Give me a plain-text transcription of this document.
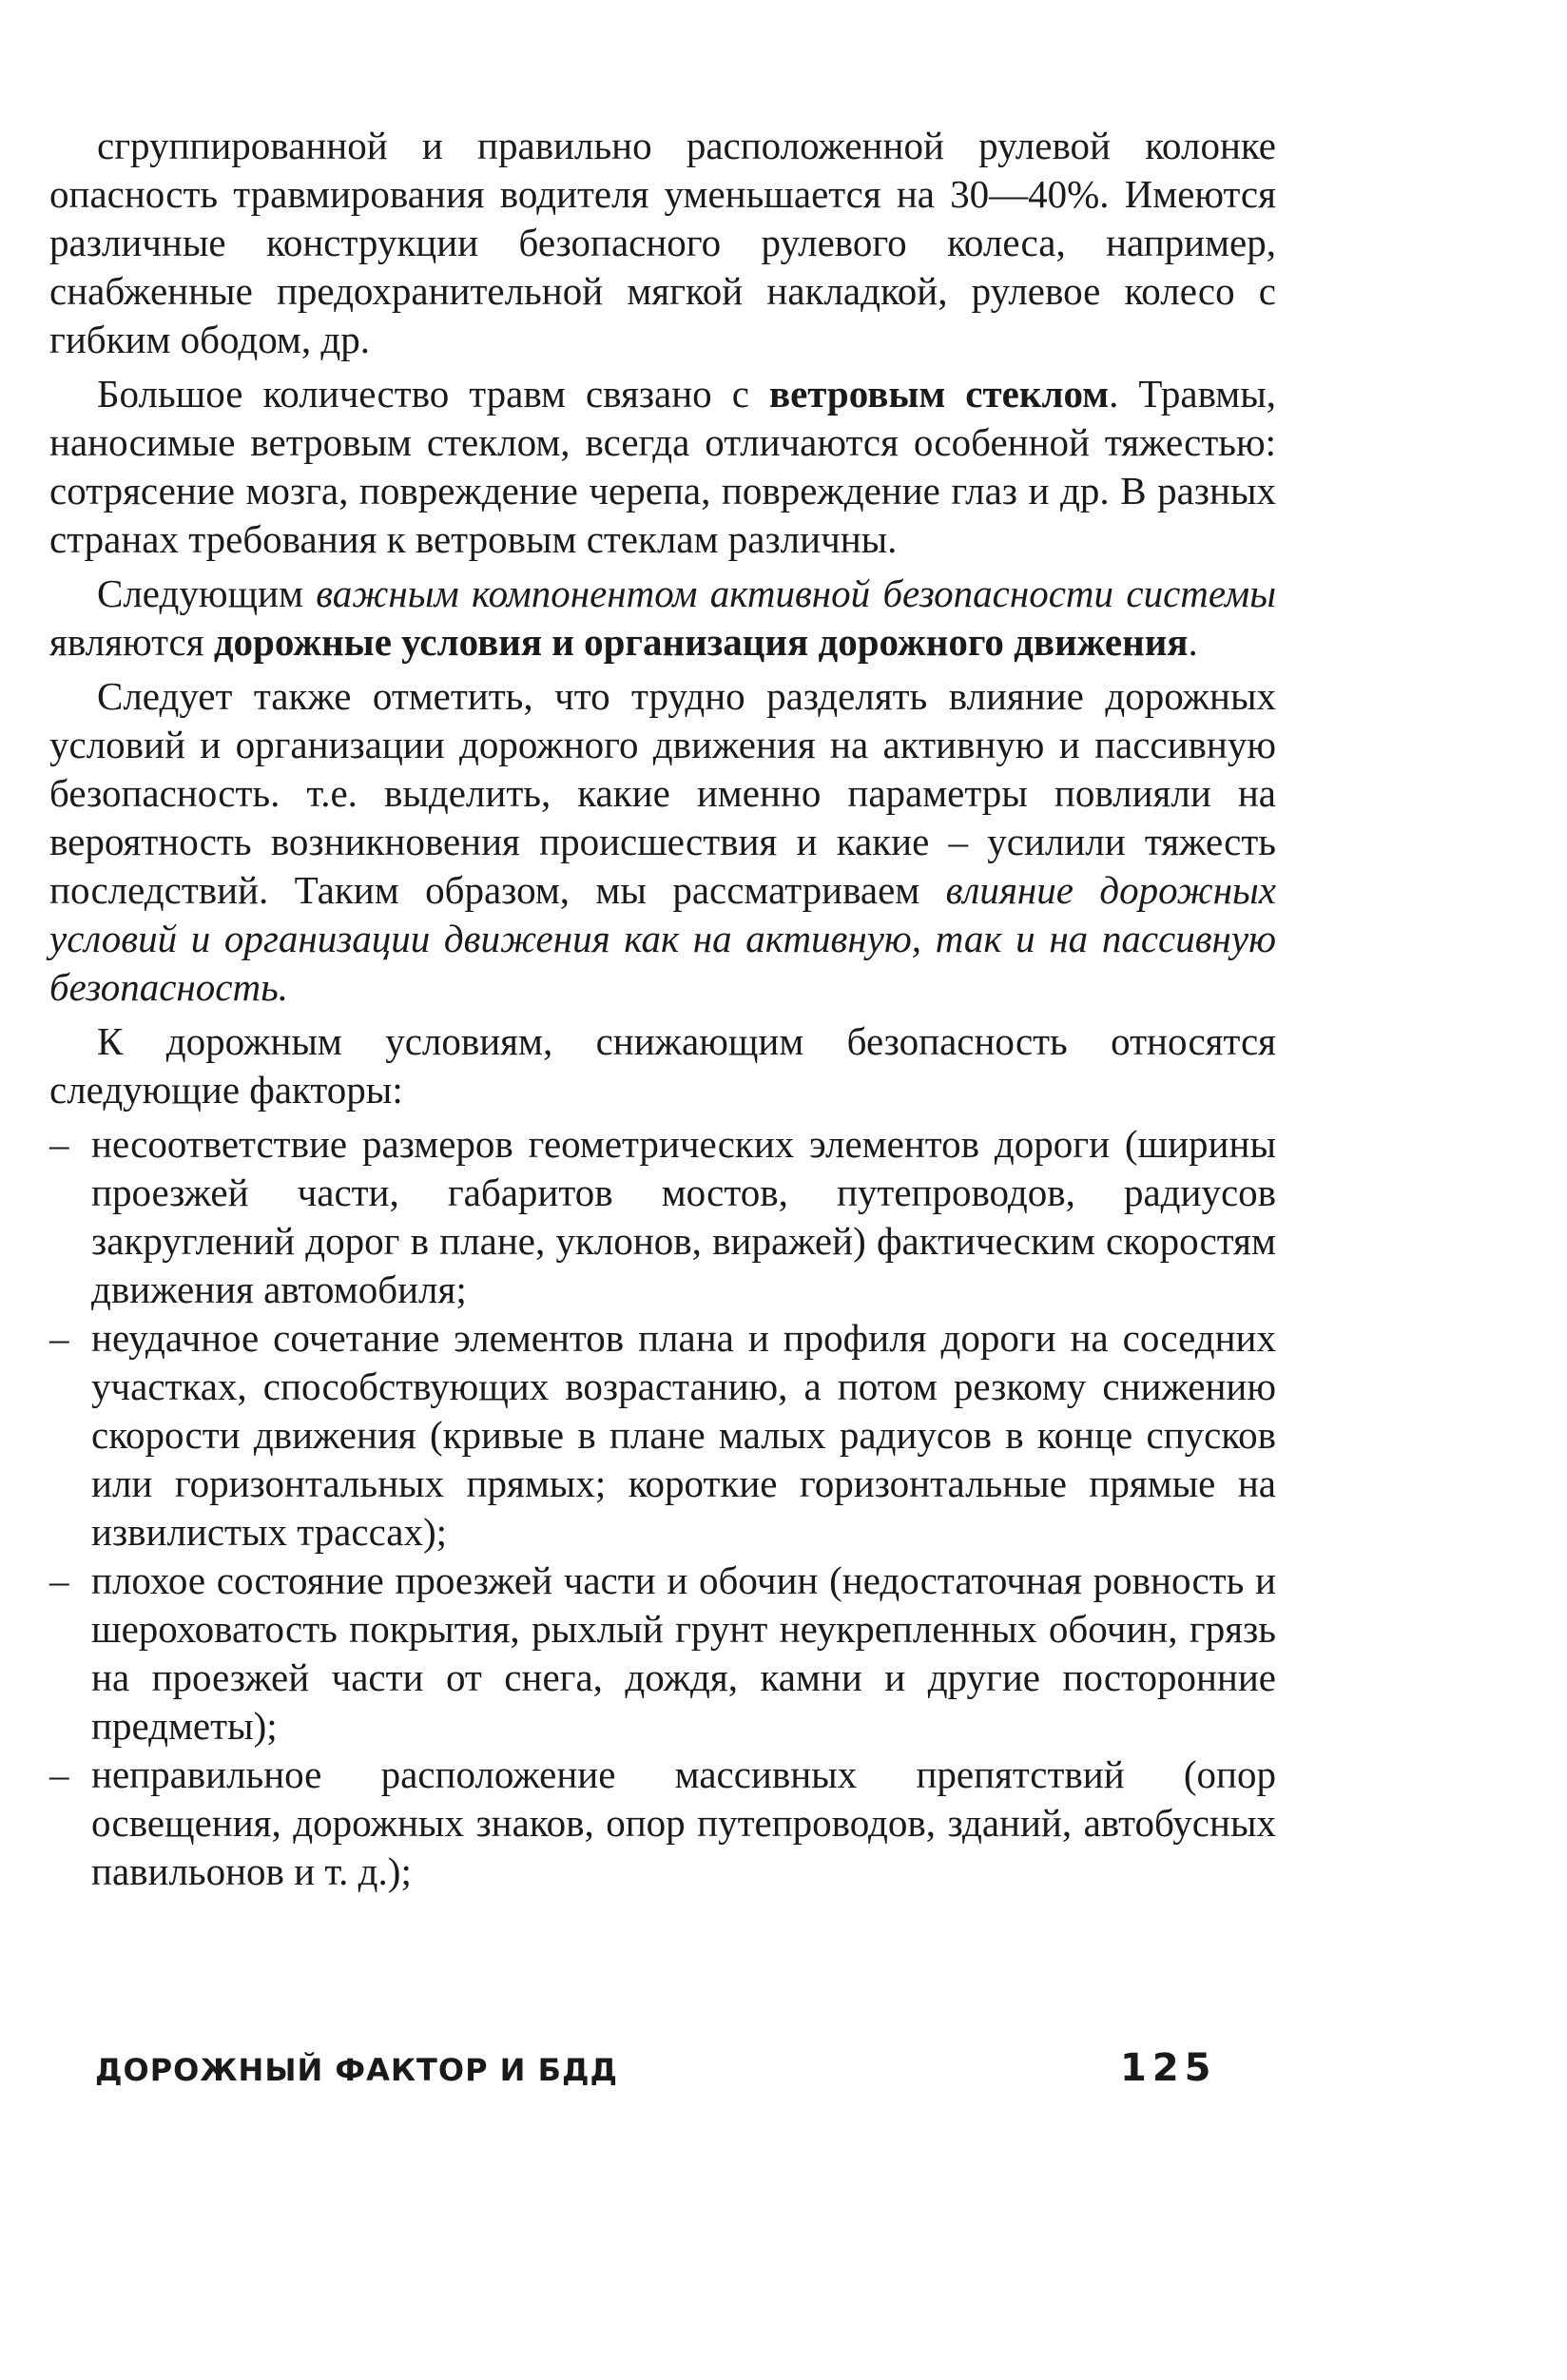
сгруппированной и правильно расположенной рулевой колонке опасность травмирования водителя уменьшается на 30—40%. Имеются различные конструкции безопасного рулевого колеса, например, снабженные предохранительной мягкой накладкой, рулевое колесо с гибким ободом, др.

Большое количество травм связано с ветровым стеклом. Травмы, наносимые ветровым стеклом, всегда отличаются особенной тяжестью: сотрясение мозга, повреждение черепа, повреждение глаз и др. В разных странах требования к ветровым стеклам различны.

Следующим важным компонентом активной безопасности системы являются дорожные условия и организация дорожного движения.

Следует также отметить, что трудно разделять влияние дорожных условий и организации дорожного движения на активную и пассивную безопасность. т.е. выделить, какие именно параметры повлияли на вероятность возникновения происшествия и какие – усилили тяжесть последствий. Таким образом, мы рассматриваем влияние дорожных условий и организации движения как на активную, так и на пассивную безопасность.

К дорожным условиям, снижающим безопасность относятся следующие факторы:

– несоответствие размеров геометрических элементов дороги (ширины проезжей части, габаритов мостов, путепроводов, радиусов закруглений дорог в плане, уклонов, виражей) фактическим скоростям движения автомобиля;
– неудачное сочетание элементов плана и профиля дороги на соседних участках, способствующих возрастанию, а потом резкому снижению скорости движения (кривые в плане малых радиусов в конце спусков или горизонтальных прямых; короткие горизонтальные прямые на извилистых трассах);
– плохое состояние проезжей части и обочин (недостаточная ровность и шероховатость покрытия, рыхлый грунт неукрепленных обочин, грязь на проезжей части от снега, дождя, камни и другие посторонние предметы);
– неправильное расположение массивных препятствий (опор освещения, дорожных знаков, опор путепроводов, зданий, автобусных павильонов и т. д.);
ДОРОЖНЫЙ ФАКТОР И БДД	125
